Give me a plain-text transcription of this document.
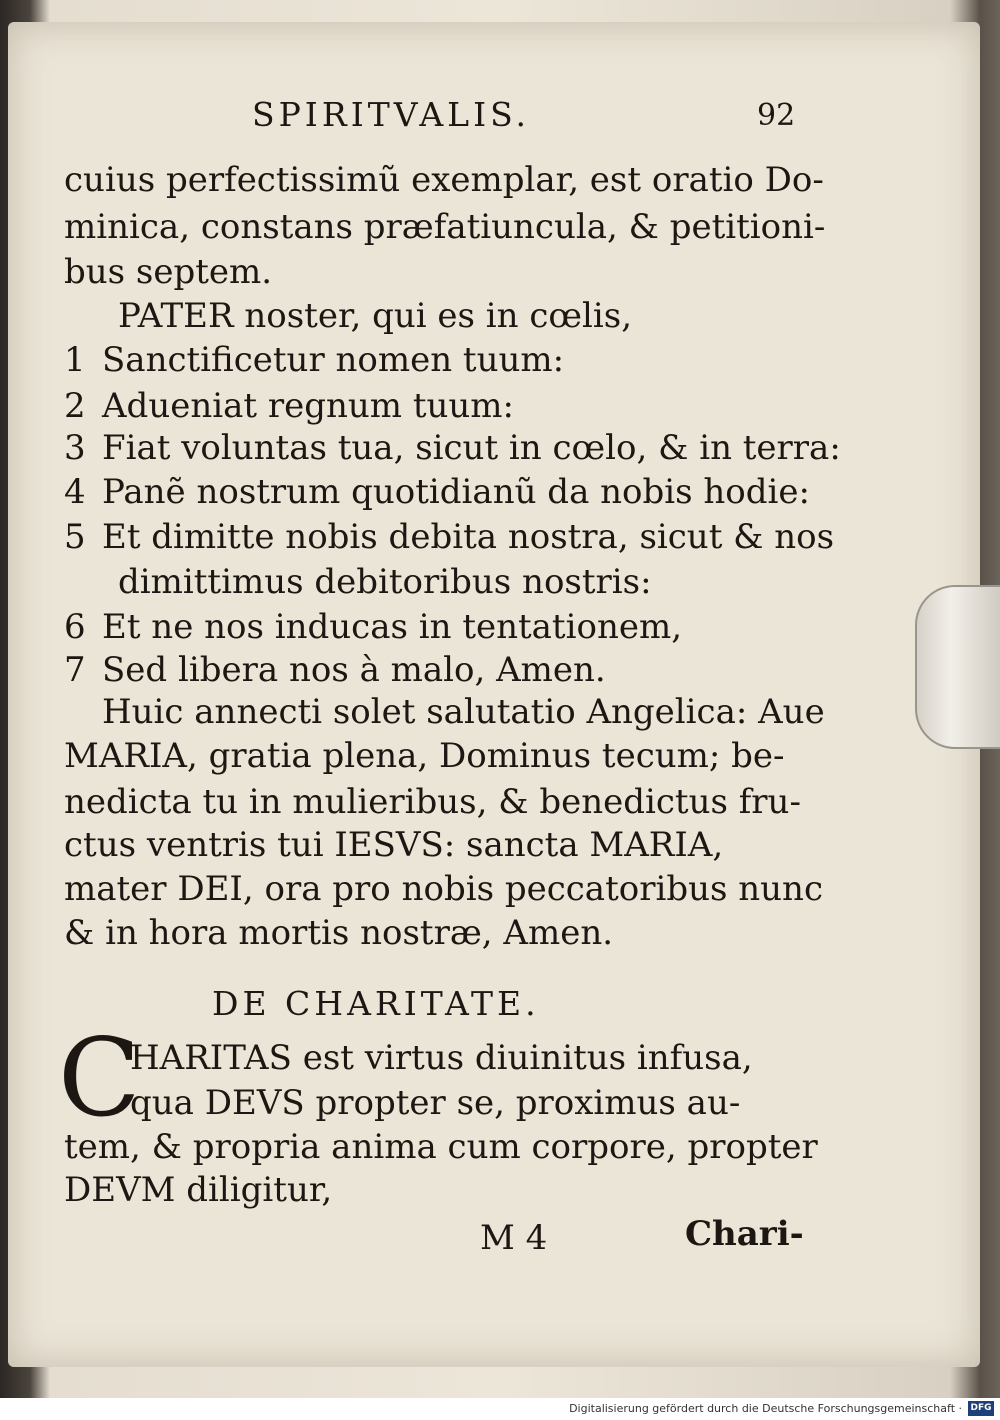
SPIRITVALIS.	92
cuius perfectissimũ exemplar, est oratio Do-
minica, constans præfatiuncula, & petitioni-
bus septem.
PATER noster, qui es in cœlis,
1 Sanctificetur nomen tuum:
2 Adueniat regnum tuum:
3 Fiat voluntas tua, sicut in cœlo, & in terra:
4 Panẽ nostrum quotidianũ da nobis hodie:
5 Et dimitte nobis debita nostra, sicut & nos
dimittimus debitoribus nostris:
6 Et ne nos inducas in tentationem,
7 Sed libera nos à malo, Amen.
Huic annecti solet salutatio Angelica: Aue
MARIA, gratia plena, Dominus tecum; be-
nedicta tu in mulieribus, & benedictus fru-
ctus ventris tui IESVS: sancta MARIA,
mater DEI, ora pro nobis peccatoribus nunc
& in hora mortis nostræ, Amen.
DE CHARITATE.
C
HARITAS est virtus diuinitus infusa,
qua DEVS propter se, proximus au-
tem, & propria anima cum corpore, propter
DEVM diligitur,
M 4	Chari-
Digitalisierung gefördert durch die Deutsche Forschungsgemeinschaft · DFG
